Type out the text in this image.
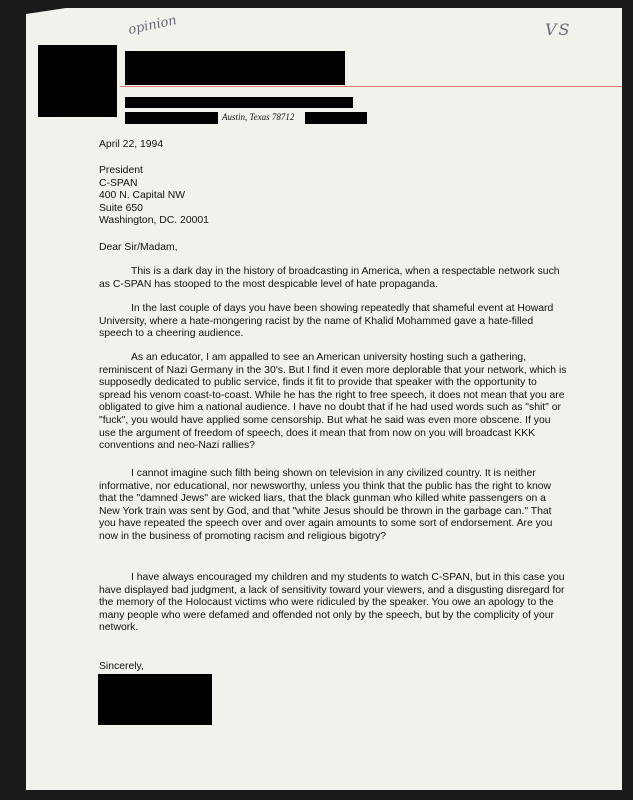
opinion	VS
Austin, Texas 78712
April 22, 1994

President

C-SPAN

400 N. Capital NW

Suite 650

Washington, DC. 20001

Dear Sir/Madam,

This is a dark day in the history of broadcasting in America, when a respectable network such as C-SPAN has stooped to the most despicable level of hate propaganda.

In the last couple of days you have been showing repeatedly that shameful event at Howard University, where a hate-mongering racist by the name of Khalid Mohammed gave a hate-filled speech to a cheering audience.

As an educator, I am appalled to see an American university hosting such a gathering, reminiscent of Nazi Germany in the 30's. But I find it even more deplorable that your network, which is supposedly dedicated to public service, finds it fit to provide that speaker with the opportunity to spread his venom coast-to-coast. While he has the right to free speech, it does not mean that you are obligated to give him a national audience. I have no doubt that if he had used words such as "shit" or "fuck", you would have applied some censorship. But what he said was even more obscene. If you use the argument of freedom of speech, does it mean that from now on you will broadcast KKK conventions and neo-Nazi rallies?

I cannot imagine such filth being shown on television in any civilized country. It is neither informative, nor educational, nor newsworthy, unless you think that the public has the right to know that the "damned Jews" are wicked liars, that the black gunman who killed white passengers on a New York train was sent by God, and that "white Jesus should be thrown in the garbage can." That you have repeated the speech over and over again amounts to some sort of endorsement. Are you now in the business of promoting racism and religious bigotry?

I have always encouraged my children and my students to watch C-SPAN, but in this case you have displayed bad judgment, a lack of sensitivity toward your viewers, and a disgusting disregard for the memory of the Holocaust victims who were ridiculed by the speaker. You owe an apology to the many people who were defamed and offended not only by the speech, but by the complicity of your network.

Sincerely,
